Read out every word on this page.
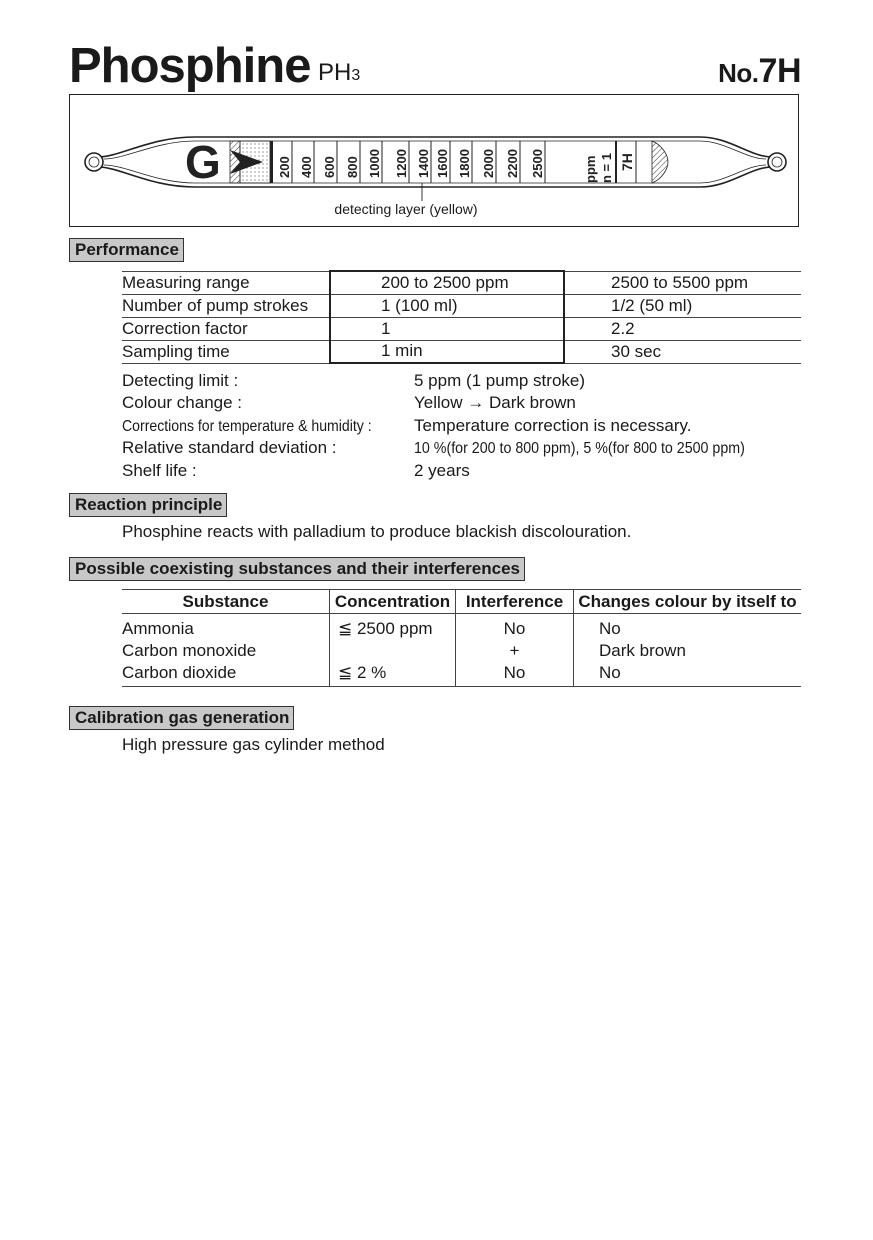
Phosphine PH3	No.7H
G	200 400 600 800 1000 1200 1400 1600 1800 2000 2200 2500	ppm n = 1 7H
detecting layer (yellow)
Performance
Measuring range	200 to 2500 ppm	2500 to 5500 ppm
Number of pump strokes	1 (100 ml)	1/2 (50 ml)
Correction factor	1	2.2
Sampling time	1 min	30 sec
Detecting limit :	5 ppm (1 pump stroke)
Colour change :	Yellow → Dark brown
Corrections for temperature & humidity :	Temperature correction is necessary.
Relative standard deviation :	10 %(for 200 to 800 ppm), 5 %(for 800 to 2500 ppm)
Shelf life :	2 years
Reaction principle
Phosphine reacts with palladium to produce blackish discolouration.
Possible coexisting substances and their interferences
Substance	Concentration	Interference	Changes colour by itself to
Ammonia	≦ 2500 ppm	No	No
Carbon monoxide		+	Dark brown
Carbon dioxide	≦ 2 %	No	No
Calibration gas generation
High pressure gas cylinder method
